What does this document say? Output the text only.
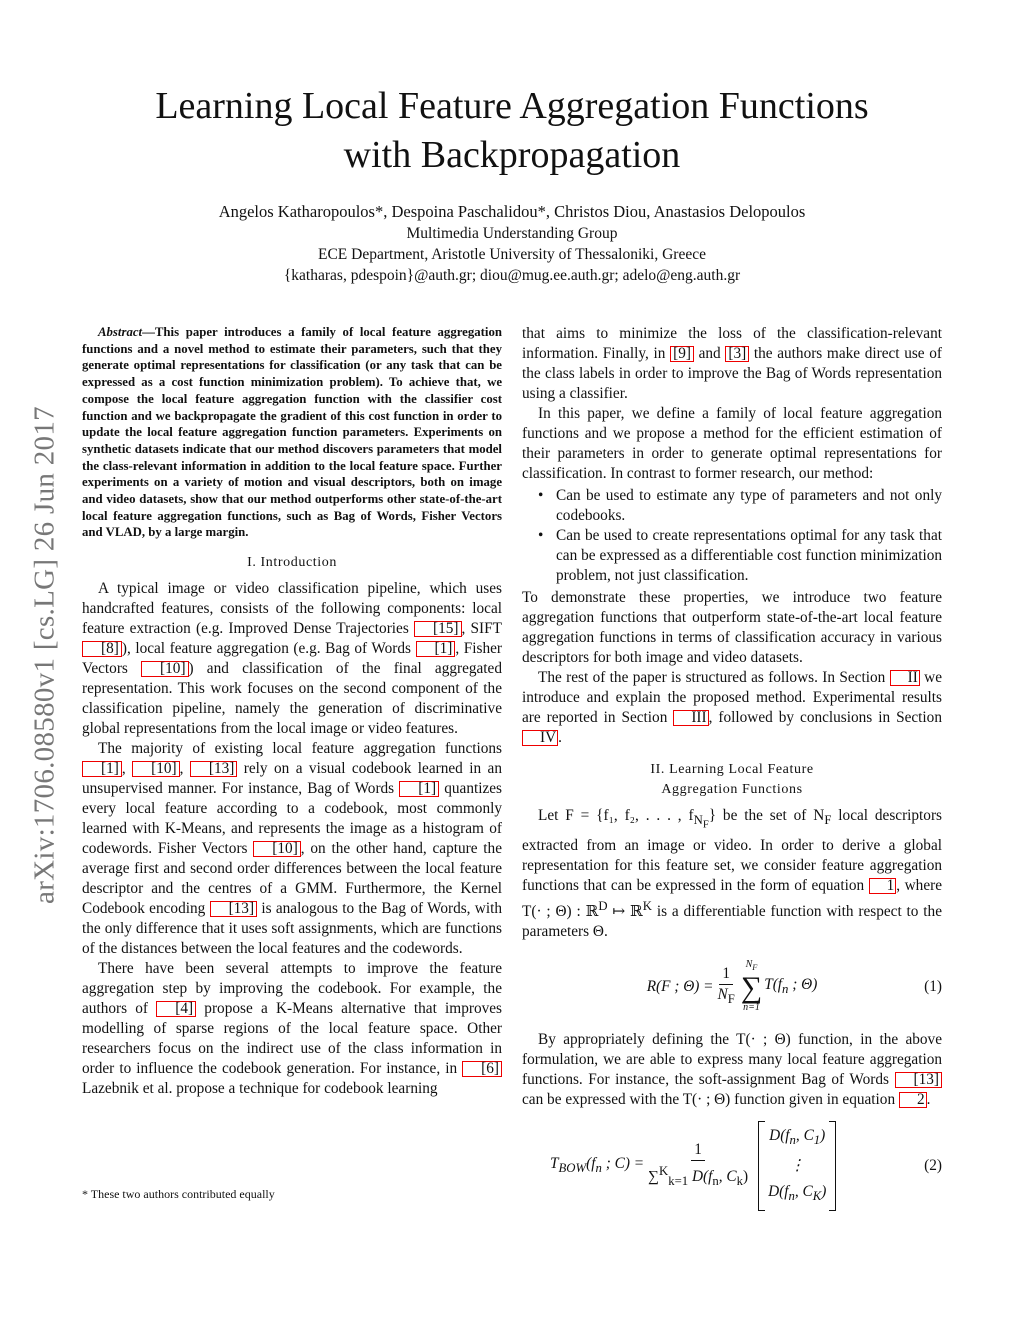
arXiv:1706.08580v1 [cs.LG] 26 Jun 2017
Learning Local Feature Aggregation Functions
with Backpropagation
Angelos Katharopoulos*, Despoina Paschalidou*, Christos Diou, Anastasios Delopoulos
Multimedia Understanding Group
ECE Department, Aristotle University of Thessaloniki, Greece
{katharas, pdespoin}@auth.gr; diou@mug.ee.auth.gr; adelo@eng.auth.gr

Abstract—This paper introduces a family of local feature aggregation functions and a novel method to estimate their parameters, such that they generate optimal representations for classification (or any task that can be expressed as a cost function minimization problem). To achieve that, we compose the local feature aggregation function with the classifier cost function and we backpropagate the gradient of this cost function in order to update the local feature aggregation function parameters. Experiments on synthetic datasets indicate that our method discovers parameters that model the class-relevant information in addition to the local feature space. Further experiments on a variety of motion and visual descriptors, both on image and video datasets, show that our method outperforms other state-of-the-art local feature aggregation functions, such as Bag of Words, Fisher Vectors and VLAD, by a large margin.

I. Introduction

A typical image or video classification pipeline, which uses handcrafted features, consists of the following components: local feature extraction (e.g. Improved Dense Trajectories [15] , SIFT [8] ), local feature aggregation (e.g. Bag of Words [1] , Fisher Vectors [10] ) and classification of the final aggregated representation. This work focuses on the second component of the classification pipeline, namely the generation of discriminative global representations from the local image or video features.

The majority of existing local feature aggregation functions [1] , [10] , [13] rely on a visual codebook learned in an unsupervised manner. For instance, Bag of Words [1] quantizes every local feature according to a codebook, most commonly learned with K-Means, and represents the image as a histogram of codewords. Fisher Vectors [10] , on the other hand, capture the average first and second order differences between the local feature descriptor and the centres of a GMM. Furthermore, the Kernel Codebook encoding [13] is analogous to the Bag of Words, with the only difference that it uses soft assignments, which are functions of the distances between the local features and the codewords.

There have been several attempts to improve the feature aggregation step by improving the codebook. For example, the authors of [4] propose a K-Means alternative that improves modelling of sparse regions of the local feature space. Other researchers focus on the indirect use of the class information in order to influence the codebook generation. For instance, in [6] Lazebnik et al. propose a technique for codebook learning

* These two authors contributed equally

that aims to minimize the loss of the classification-relevant information. Finally, in [9] and [3] the authors make direct use of the class labels in order to improve the Bag of Words representation using a classifier.

In this paper, we define a family of local feature aggregation functions and we propose a method for the efficient estimation of their parameters in order to generate optimal representations for classification. In contrast to former research, our method:

• Can be used to estimate any type of parameters and not only codebooks.
• Can be used to create representations optimal for any task that can be expressed as a differentiable cost function minimization problem, not just classification.

To demonstrate these properties, we introduce two feature aggregation functions that outperform state-of-the-art local feature aggregation functions in terms of classification accuracy in various descriptors for both image and video datasets.

The rest of the paper is structured as follows. In Section II we introduce and explain the proposed method. Experimental results are reported in Section III , followed by conclusions in Section IV .

II. Learning Local Feature
Aggregation Functions

Let F = {f₁, f₂, . . . , $f_{N_F}$} be the set of $N_F$ local descriptors extracted from an image or video. In order to derive a global representation for this feature set, we consider feature aggregation functions that can be expressed in the form of equation 1 , where T(· ; Θ) : ℝ$^D$ ↦ ℝ$^K$ is a differentiable function with respect to the parameters Θ.

R(F ; $\Theta) = \frac{1}{N_F} N_F$
∑
n=1
$T(f_n$ ; Θ)	(1)

By appropriately defining the T(· ; Θ) function, in the above formulation, we are able to express many local feature aggregation functions. For instance, the soft-assignment Bag of Words [13] can be expressed with the T(· ; Θ) function given in equation 2 .

$T_{BOW}(f_n$ ; $C) = \frac{1}{\sum^K_{k=1} D(f_n, C_k)}$
$D(f_n$, $C_1$)
⋮
$D(f_n$, $C_K$)
(2)
